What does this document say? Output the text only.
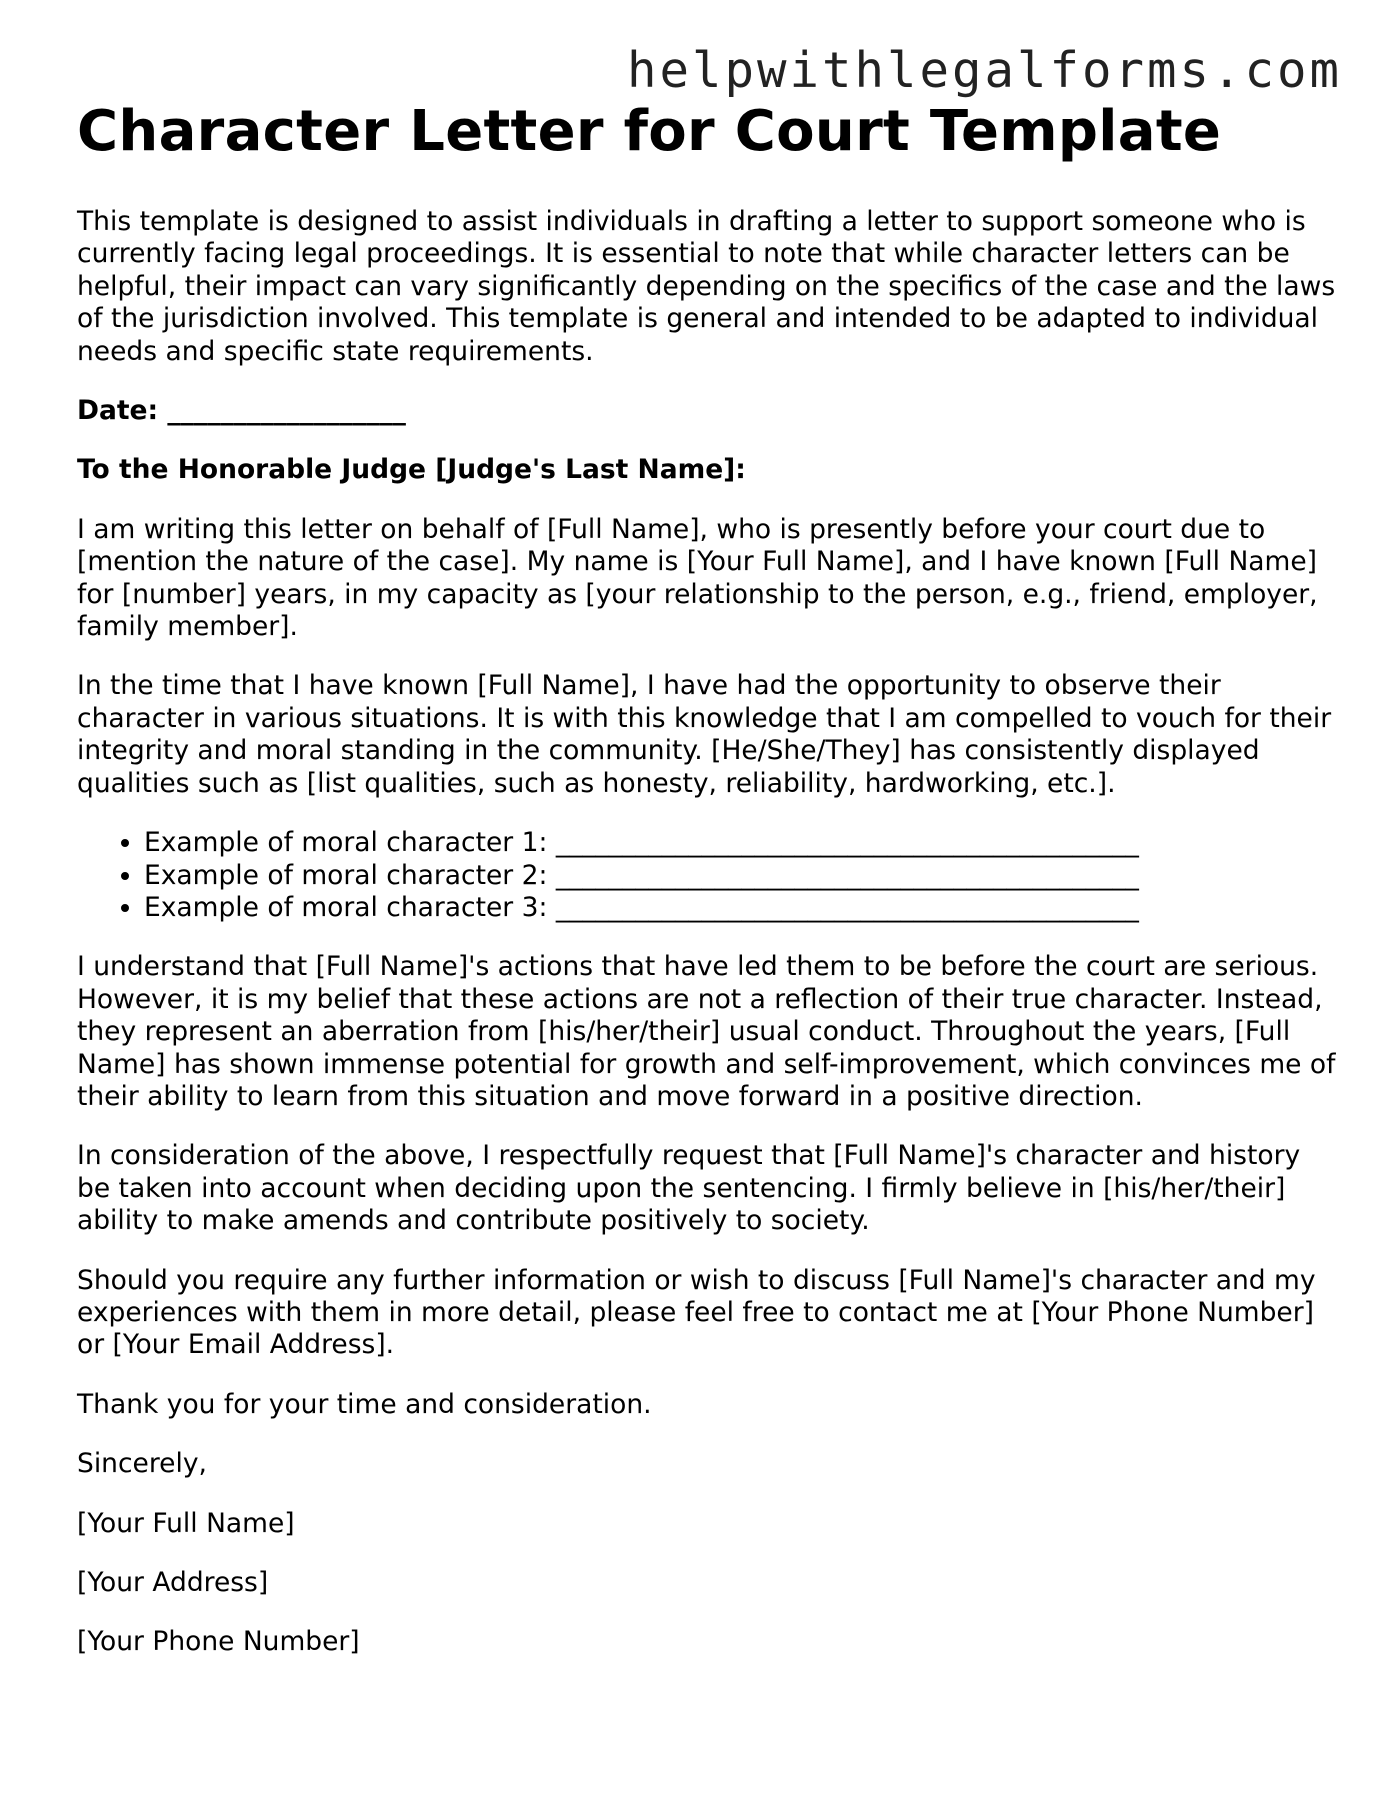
helpwithlegalforms.com
Character Letter for Court Template

This template is designed to assist individuals in drafting a letter to support someone who is currently facing legal proceedings. It is essential to note that while character letters can be helpful, their impact can vary significantly depending on the specifics of the case and the laws of the jurisdiction involved. This template is general and intended to be adapted to individual needs and specific state requirements.

Date: __________________

To the Honorable Judge [Judge's Last Name]:

I am writing this letter on behalf of [Full Name], who is presently before your court due to [mention the nature of the case]. My name is [Your Full Name], and I have known [Full Name] for [number] years, in my capacity as [your relationship to the person, e.g., friend, employer, family member].

In the time that I have known [Full Name], I have had the opportunity to observe their character in various situations. It is with this knowledge that I am compelled to vouch for their integrity and moral standing in the community. [He/She/They] has consistently displayed qualities such as [list qualities, such as honesty, reliability, hardworking, etc.].

• Example of moral character 1: ____________________________________________
• Example of moral character 2: ____________________________________________
• Example of moral character 3: ____________________________________________

I understand that [Full Name]'s actions that have led them to be before the court are serious. However, it is my belief that these actions are not a reflection of their true character. Instead, they represent an aberration from [his/her/their] usual conduct. Throughout the years, [Full Name] has shown immense potential for growth and self-improvement, which convinces me of their ability to learn from this situation and move forward in a positive direction.

In consideration of the above, I respectfully request that [Full Name]'s character and history be taken into account when deciding upon the sentencing. I firmly believe in [his/her/their] ability to make amends and contribute positively to society.

Should you require any further information or wish to discuss [Full Name]'s character and my experiences with them in more detail, please feel free to contact me at [Your Phone Number] or [Your Email Address].

Thank you for your time and consideration.

Sincerely,

[Your Full Name]

[Your Address]

[Your Phone Number]
